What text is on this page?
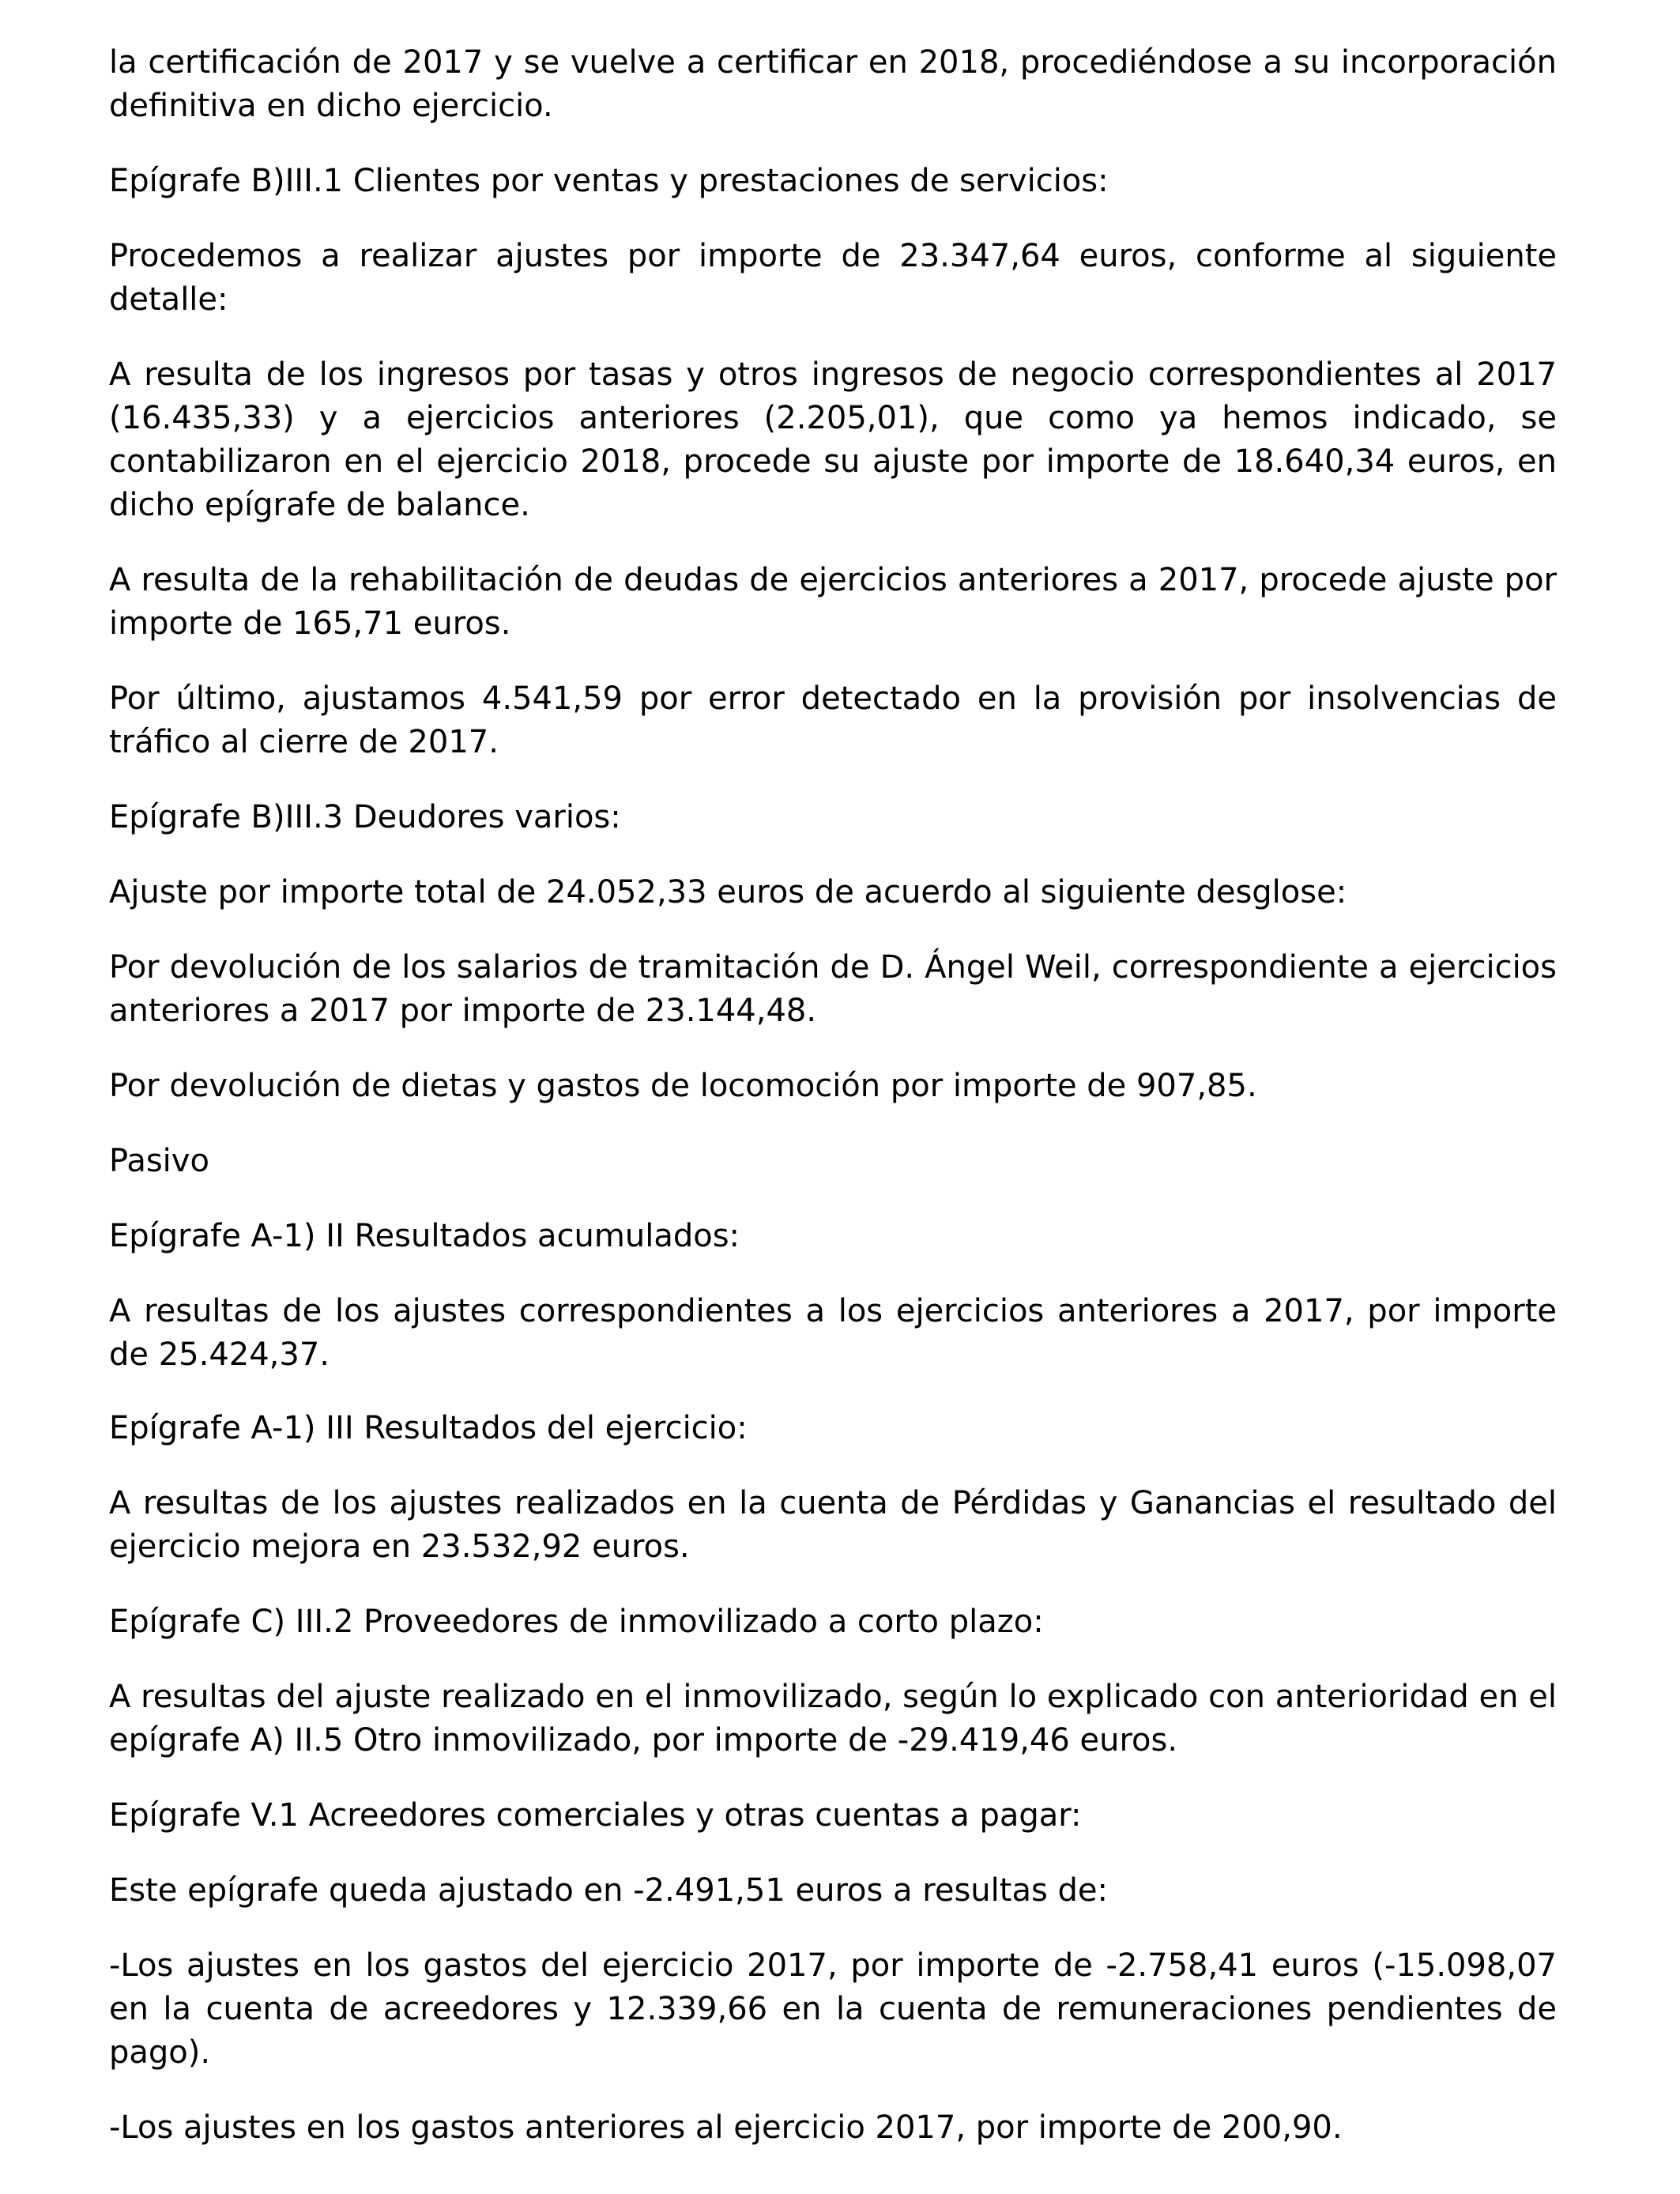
la certificación de 2017 y se vuelve a certificar en 2018, procediéndose a su incorporación definitiva en dicho ejercicio.

Epígrafe B)III.1 Clientes por ventas y prestaciones de servicios:

Procedemos a realizar ajustes por importe de 23.347,64 euros, conforme al siguiente detalle:

A resulta de los ingresos por tasas y otros ingresos de negocio correspondientes al 2017 (16.435,33) y a ejercicios anteriores (2.205,01), que como ya hemos indicado, se contabilizaron en el ejercicio 2018, procede su ajuste por importe de 18.640,34 euros, en dicho epígrafe de balance.

A resulta de la rehabilitación de deudas de ejercicios anteriores a 2017, procede ajuste por importe de 165,71 euros.

Por último, ajustamos 4.541,59 por error detectado en la provisión por insolvencias de tráfico al cierre de 2017.

Epígrafe B)III.3 Deudores varios:

Ajuste por importe total de 24.052,33 euros de acuerdo al siguiente desglose:

Por devolución de los salarios de tramitación de D. Ángel Weil, correspondiente a ejercicios anteriores a 2017 por importe de 23.144,48.

Por devolución de dietas y gastos de locomoción por importe de 907,85.

Pasivo

Epígrafe A-1) II Resultados acumulados:

A resultas de los ajustes correspondientes a los ejercicios anteriores a 2017, por importe de 25.424,37.

Epígrafe A-1) III Resultados del ejercicio:

A resultas de los ajustes realizados en la cuenta de Pérdidas y Ganancias el resultado del ejercicio mejora en 23.532,92 euros.

Epígrafe C) III.2 Proveedores de inmovilizado a corto plazo:

A resultas del ajuste realizado en el inmovilizado, según lo explicado con anterioridad en el epígrafe A) II.5 Otro inmovilizado, por importe de -29.419,46 euros.

Epígrafe V.1 Acreedores comerciales y otras cuentas a pagar:

Este epígrafe queda ajustado en -2.491,51 euros a resultas de:

-Los ajustes en los gastos del ejercicio 2017, por importe de -2.758,41 euros (-15.098,07 en la cuenta de acreedores y 12.339,66 en la cuenta de remuneraciones pendientes de pago).

-Los ajustes en los gastos anteriores al ejercicio 2017, por importe de 200,90.
